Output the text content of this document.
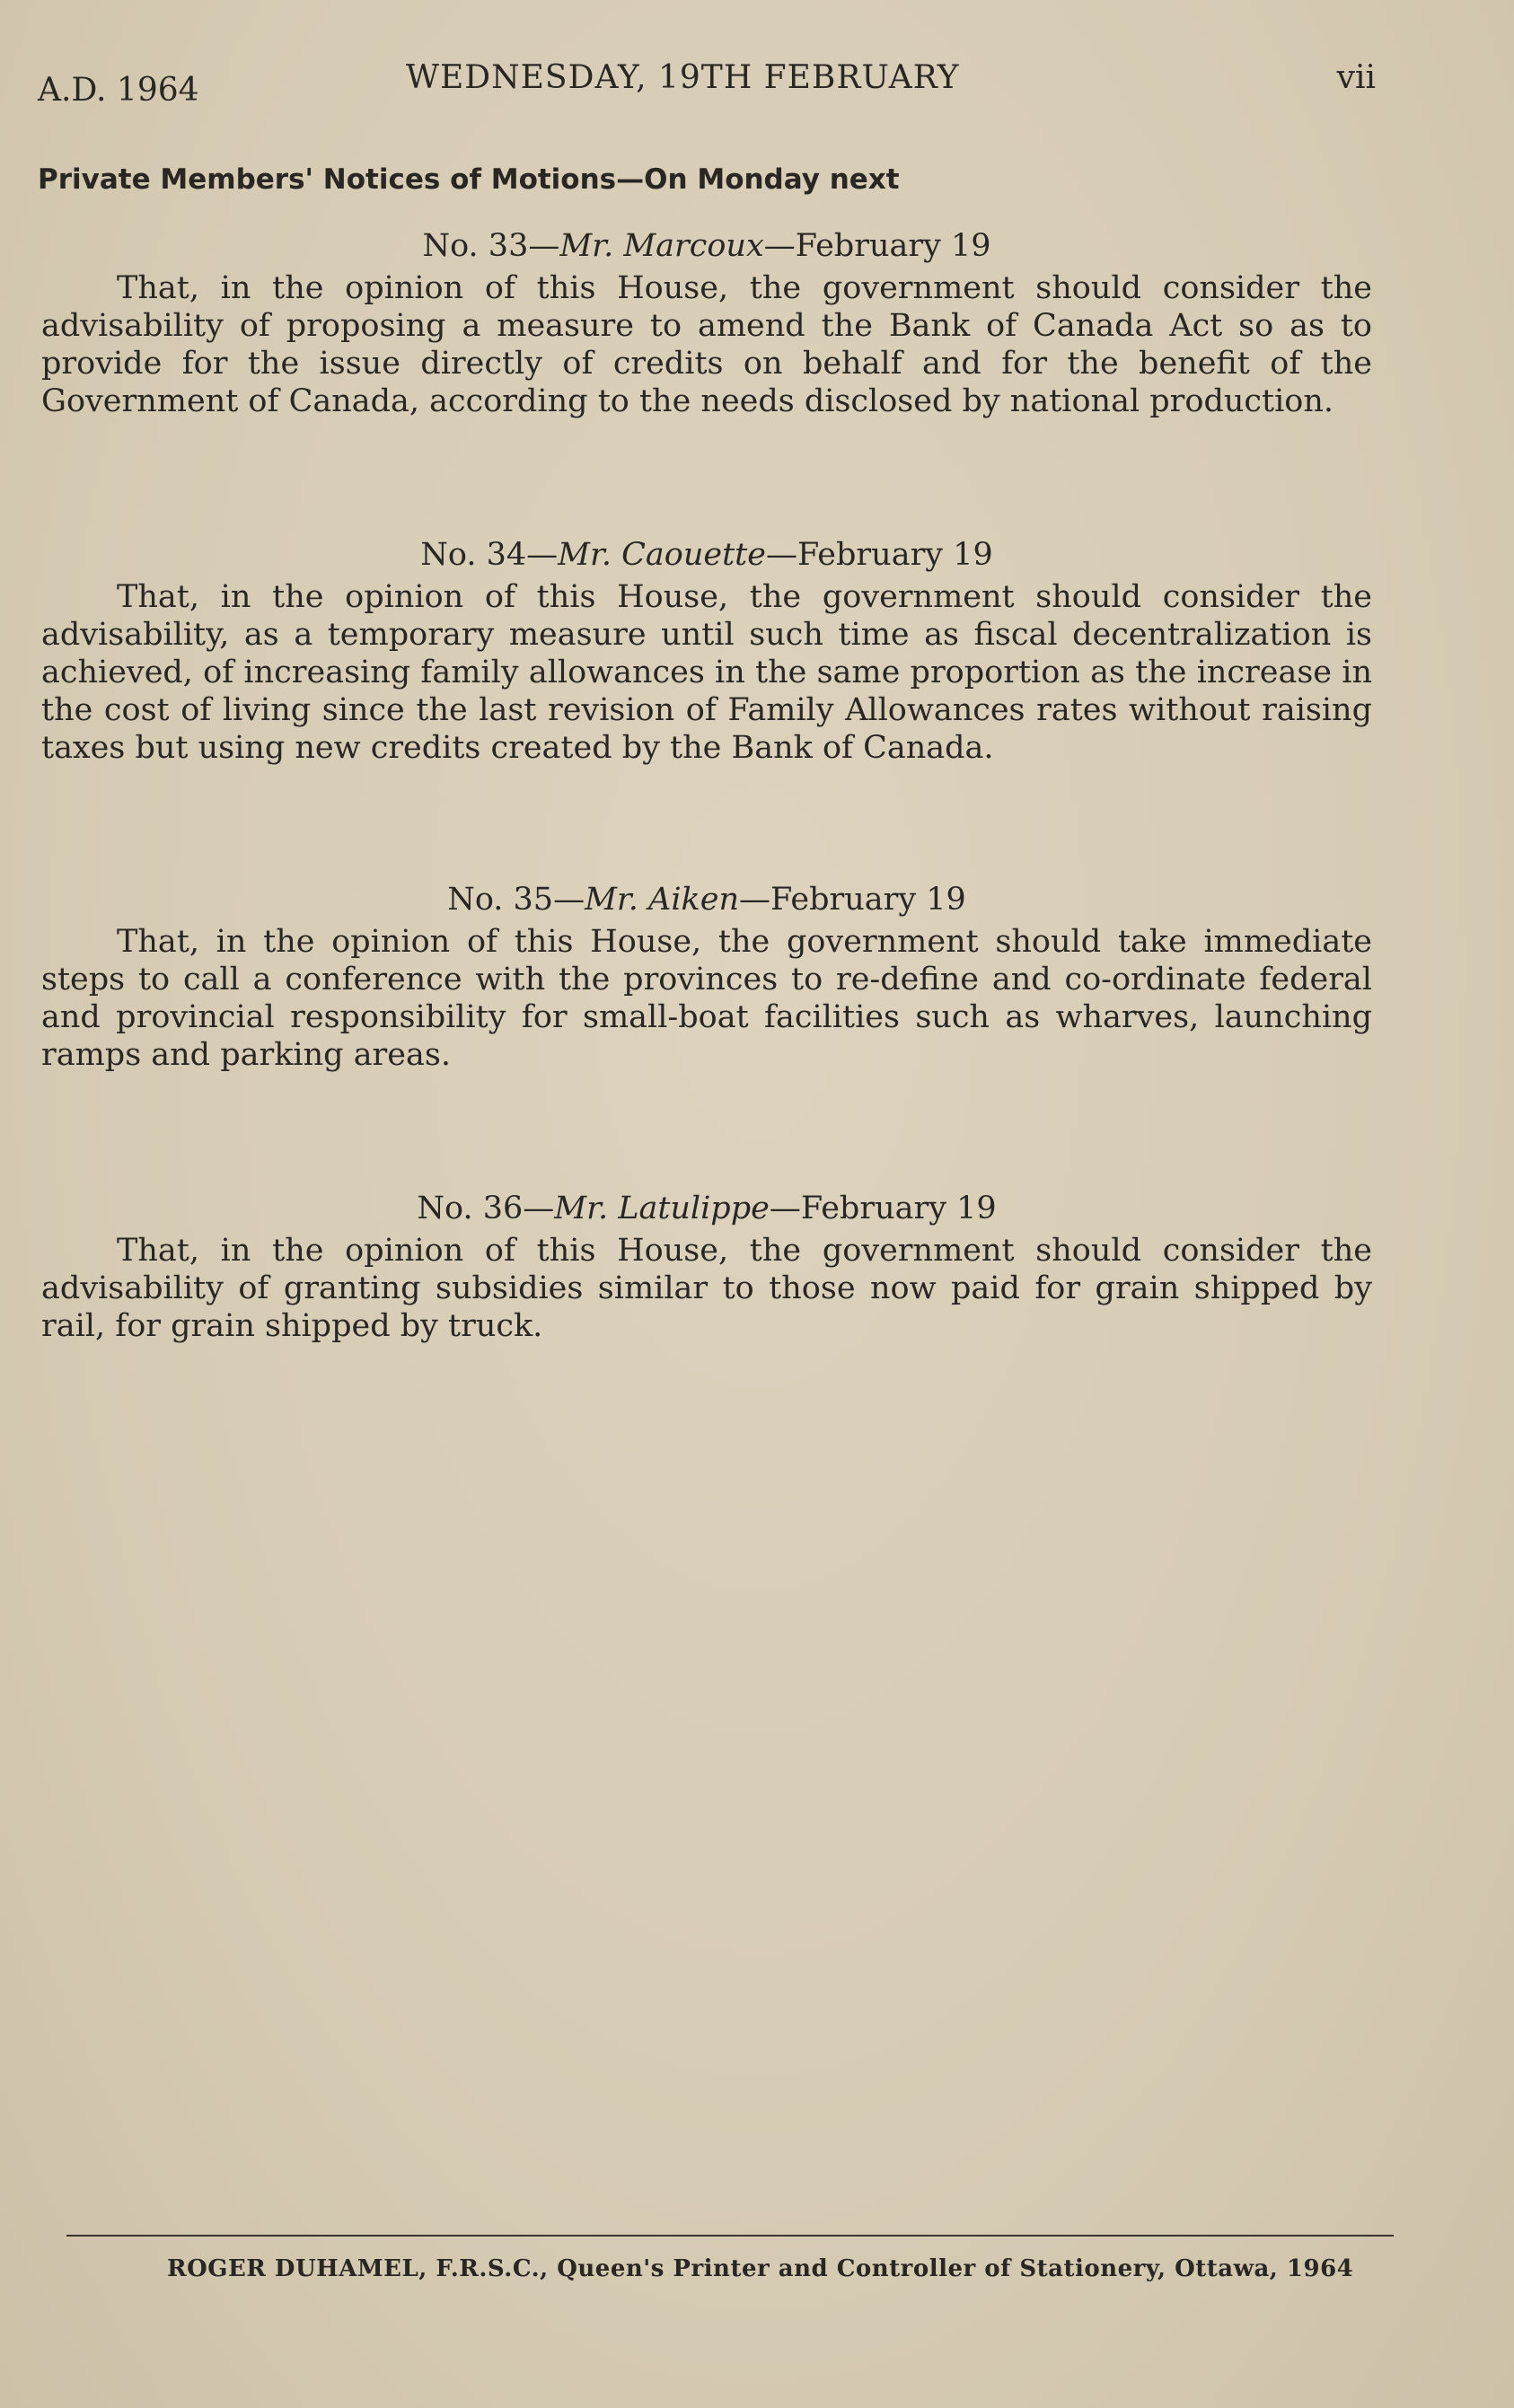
A.D. 1964	WEDNESDAY, 19TH FEBRUARY	vii
Private Members' Notices of Motions—On Monday next
No. 33—Mr. Marcoux—February 19
That, in the opinion of this House, the government should consider the advisability of proposing a measure to amend the Bank of Canada Act so as to provide for the issue directly of credits on behalf and for the benefit of the Government of Canada, according to the needs disclosed by national production.
No. 34—Mr. Caouette—February 19
That, in the opinion of this House, the government should consider the advisability, as a temporary measure until such time as fiscal decentralization is achieved, of increasing family allowances in the same proportion as the increase in the cost of living since the last revision of Family Allowances rates without raising taxes but using new credits created by the Bank of Canada.
No. 35—Mr. Aiken—February 19
That, in the opinion of this House, the government should take immediate steps to call a conference with the provinces to re-define and co-ordinate federal and provincial responsibility for small-boat facilities such as wharves, launching ramps and parking areas.
No. 36—Mr. Latulippe—February 19
That, in the opinion of this House, the government should consider the advisability of granting subsidies similar to those now paid for grain shipped by rail, for grain shipped by truck.
ROGER DUHAMEL, F.R.S.C., Queen's Printer and Controller of Stationery, Ottawa, 1964
